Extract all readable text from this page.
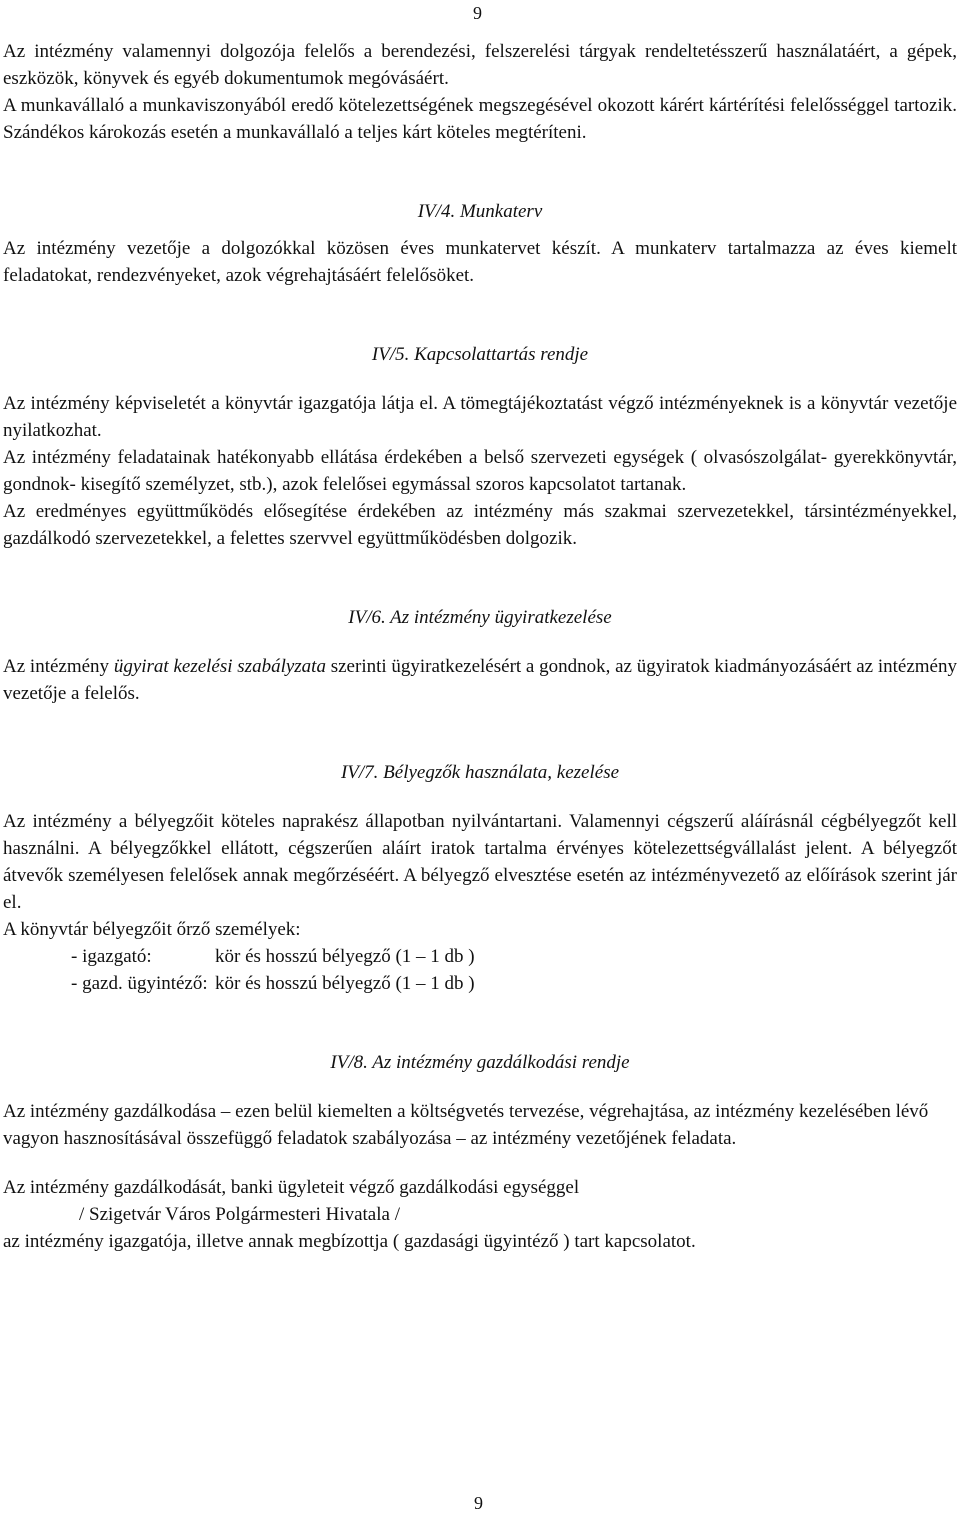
9

Az intézmény valamennyi dolgozója felelős a berendezési, felszerelési tárgyak rendeltetésszerű használatáért, a gépek, eszközök, könyvek és egyéb dokumentumok megóvásáért.

A munkavállaló a munkaviszonyából eredő kötelezettségének megszegésével okozott kárért kártérítési felelősséggel tartozik. Szándékos károkozás esetén a munkavállaló a teljes kárt köteles megtéríteni.

IV/4. Munkaterv

Az intézmény vezetője a dolgozókkal közösen éves munkatervet készít. A munkaterv tartalmazza az éves kiemelt feladatokat, rendezvényeket, azok végrehajtásáért felelősöket.

IV/5. Kapcsolattartás rendje

Az intézmény képviseletét a könyvtár igazgatója látja el. A tömegtájékoztatást végző intézményeknek is a könyvtár vezetője nyilatkozhat.

Az intézmény feladatainak hatékonyabb ellátása érdekében a belső szervezeti egységek ( olvasószolgálat- gyerekkönyvtár, gondnok- kisegítő személyzet, stb.), azok felelősei egymással szoros kapcsolatot tartanak.

Az eredményes együttműködés elősegítése érdekében az intézmény más szakmai szervezetekkel, társintézményekkel, gazdálkodó szervezetekkel, a felettes szervvel együttműködésben dolgozik.

IV/6. Az intézmény ügyiratkezelése

Az intézmény ügyirat kezelési szabályzata szerinti ügyiratkezelésért a gondnok, az ügyiratok kiadmányozásáért az intézmény vezetője a felelős.

IV/7. Bélyegzők használata, kezelése

Az intézmény a bélyegzőit köteles naprakész állapotban nyilvántartani. Valamennyi cégszerű aláírásnál cégbélyegzőt kell használni. A bélyegzőkkel ellátott, cégszerűen aláírt iratok tartalma érvényes kötelezettségvállalást jelent. A bélyegzőt átvevők személyesen felelősek annak megőrzéséért. A bélyegző elvesztése esetén az intézményvezető az előírások szerint jár el.

A könyvtár bélyegzőit őrző személyek:

- igazgató:	kör és hosszú bélyegző (1 – 1 db )
- gazd. ügyintéző: kör és hosszú bélyegző (1 – 1 db )

IV/8. Az intézmény gazdálkodási rendje

Az intézmény gazdálkodása – ezen belül kiemelten a költségvetés tervezése, végrehajtása, az intézmény kezelésében lévő vagyon hasznosításával összefüggő feladatok szabályozása – az intézmény vezetőjének feladata.

Az intézmény gazdálkodását, banki ügyleteit végző gazdálkodási egységgel

/ Szigetvár Város Polgármesteri Hivatala /

az intézmény igazgatója, illetve annak megbízottja ( gazdasági ügyintéző ) tart kapcsolatot.

9
